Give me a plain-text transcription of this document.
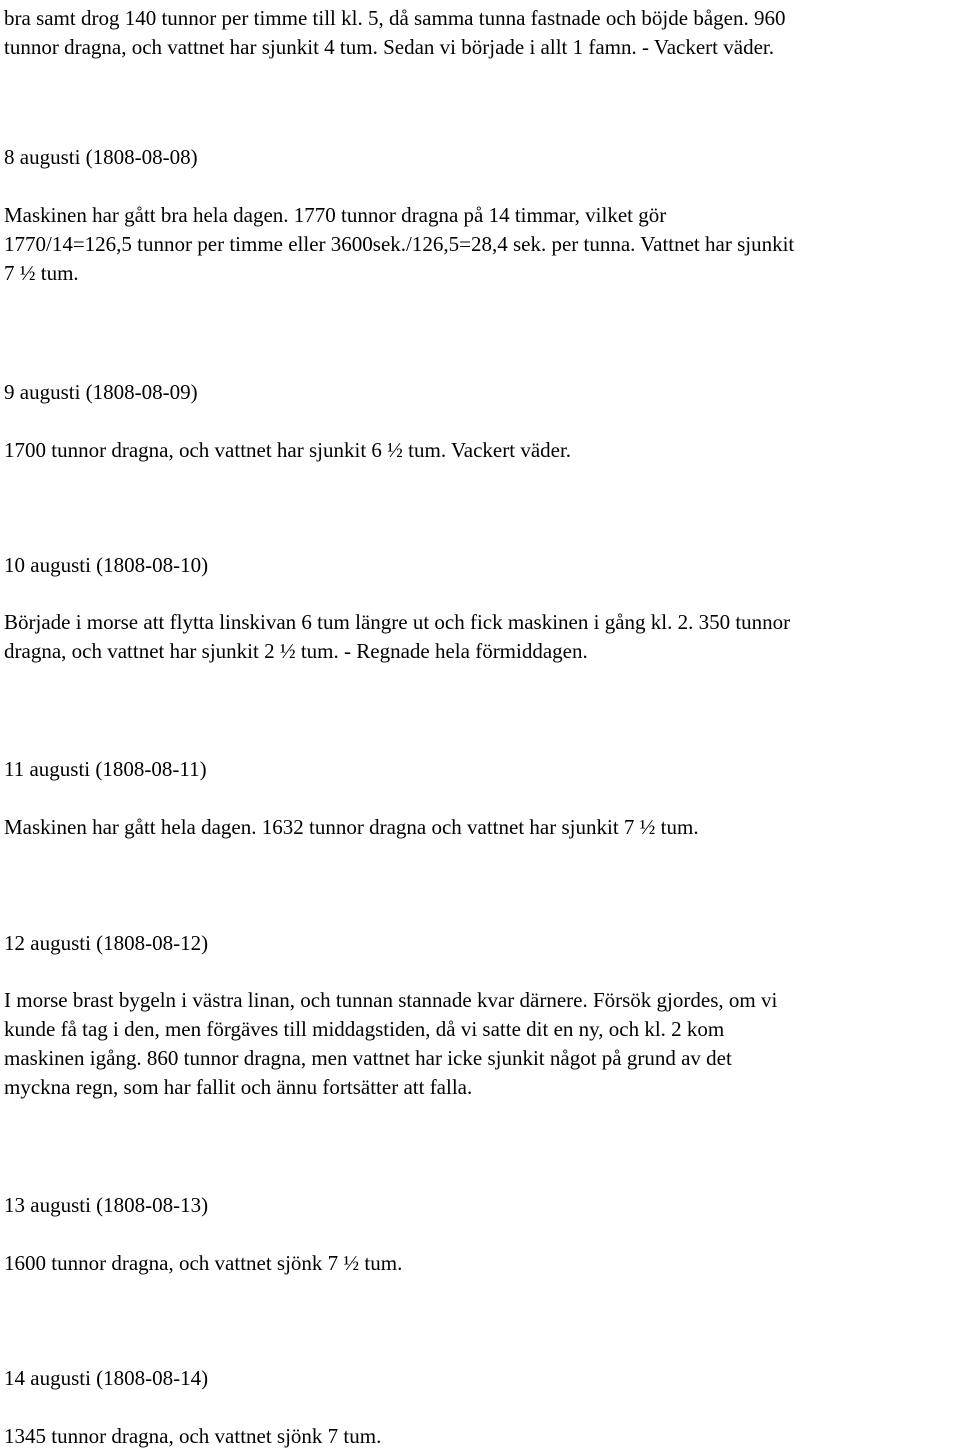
bra samt drog 140 tunnor per timme till kl. 5, då samma tunna fastnade och böjde bågen. 960
tunnor dragna, och vattnet har sjunkit 4 tum. Sedan vi började i allt 1 famn. - Vackert väder.

8 augusti (1808-08-08)

Maskinen har gått bra hela dagen. 1770 tunnor dragna på 14 timmar, vilket gör
1770/14=126,5 tunnor per timme eller 3600sek./126,5=28,4 sek. per tunna. Vattnet har sjunkit
7 ½ tum.

9 augusti (1808-08-09)

1700 tunnor dragna, och vattnet har sjunkit 6 ½ tum. Vackert väder.

10 augusti (1808-08-10)

Började i morse att flytta linskivan 6 tum längre ut och fick maskinen i gång kl. 2. 350 tunnor
dragna, och vattnet har sjunkit 2 ½ tum. - Regnade hela förmiddagen.

11 augusti (1808-08-11)

Maskinen har gått hela dagen. 1632 tunnor dragna och vattnet har sjunkit 7 ½ tum.

12 augusti (1808-08-12)

I morse brast bygeln i västra linan, och tunnan stannade kvar därnere. Försök gjordes, om vi
kunde få tag i den, men förgäves till middagstiden, då vi satte dit en ny, och kl. 2 kom
maskinen igång. 860 tunnor dragna, men vattnet har icke sjunkit något på grund av det
myckna regn, som har fallit och ännu fortsätter att falla.

13 augusti (1808-08-13)

1600 tunnor dragna, och vattnet sjönk 7 ½ tum.

14 augusti (1808-08-14)

1345 tunnor dragna, och vattnet sjönk 7 tum.
